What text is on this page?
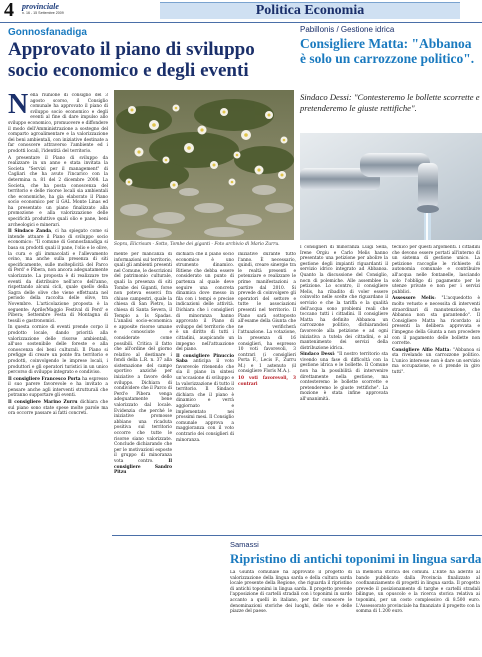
4 provinciale
n. 16 - 15 Settembre 2009	Politica Economia
Gonnosfanadiga
Approvato il piano di sviluppo socio economico e degli eventi
N ella riunione di consiglio del 3 agosto scorso, il Consiglio comunale ha approvato il piano di sviluppo socio economico e degli eventi al fine di dare impulso allo sviluppo economico, promuovere e diffondere il modo dell'Amministrazione a sostegno del comparto agroalimentare e la valorizzazione dei beni ambientali, con iniziative destinate a far conoscere attraverso l'ambiente ed i prodotti locali, l'identità del territorio.

A presentare il Piano di sviluppo da realizzare in un anno e stata invitata la Societa "Servizi per il management" di Cagliari che ha avuto l'incarico con la determina n. 81 del 2 dicembre 2008. La Societa, che ha posta conoscenza del territorio e delle risorse locali sia ambientali che economiche, ha gia elaborato il Piano socio economico per il GAL Monte Linas ed ha presentato un piano finalizzato alla promozione e alla valorizzazione delle specificità produttive quali olio e pane, beni archeologici e minerari.

Il Sindaco Zanda, ci ha spiegato come si intende attuare il Piano di sviluppo socio economico: "Il comune di Gonnosfanadiga si basa su prodotti quali il pane, l'olio e le olive, la cura e gli immacolati e l'allevamento ovino, ma anche sulla presenza di siti specificamente, sulle molteplicità del Parco di Perd' e Pibera, non ancora adeguatamente valorizzate. La proposta è di realizzare tre eventi da distribuire nell'arco dell'anno, rispettando alcuni cicli, quale quello della Sagra delle olive che viene effettuata nel periodo della raccolta delle olive, tra Novembre. L'articolazione proposta è la seguente: Aprile/Maggio Festival di Perd' e Pibera; Settembre Festa di Montagna di tessili e gastronomici.

In questa cornice di eventi prende corpo il prodotto locale, dando priorità alla valorizzazione delle risorse ambientali, all'uso sostenibile delle foreste e alla conoscenza dei beni culturali. Il Piano si prefigge di creare un ponte fra territorio e prodotti, coinvolgendo le imprese locali, i produttori e gli operatori turistici in un unico percorso di sviluppo integrato e condiviso.

Il consigliere Francesco Porta ha espresso il suo parere favorevole e ha invitato a pensare anche agli interventi strutturali che potranno supportare gli eventi.

Il consigliere Marino Zurru dichiara che sul piano sono state spese molte parole ma ora occorre passare ai fatti concreti.

Sopra, Elicrisum - Sotto, Tombe dei giganti - Foto archivio di Mario Zurru.
mente per mancanza di informazioni sul territorio, quali gli ambienti presenti nel Comune, le descrizioni del patrimonio culturale, quali la presenza di siti Tombe dei Giganti, forse non poteva esserci fra chiuse campestri, quale la chiesa di San Pietro, la chiesa di Santa Severa, il Tempio a Is Spadas. L'analisi socio-economica e apposite risorse umane e conosciute e considerate come possibili. Critica il fatto che all'ordine del giorno relativo al destinare i fondi della L.R. n. 37 alla sistemazione del campo sportivo anziché per iniziative a favore dello sviluppo. Dichiara di condividere che il Parco di Perd'e Pibera venga adeguatamente bene valorizzato dal locale. Evidenzia che perché le iniziative promosse abbiano una ricaduta positiva sul territorio occorre che tutte le risorse siano valorizzate. Conclude dichiarando che per le motivazioni esposte il gruppo di minoranza vota contro.	Il consigliere Sandro Pitzu
dichiara che il piano socio economico è uno strumento dinamico. Ritiene che debba essere considerato un punto di partenza al quale deve seguire una concreta dinamica dove messo in fila con i tempi e precise indicazioni delle attività. Dichiara che i consiglieri di minoranza hanno approvato il Piano di sviluppo del territorio che è un diritto di tutti i cittadini, auspicando un impegno nell'attuazione del piano.

Il consigliere Pinuccio Saba anticipa il voto favorevole ritenendo che sia il piano in sintesi un'occasione di sviluppo e la valorizzazione di tutto il territorio. Il Sindaco dichiara che il piano è dinamico e verrà aggiornato e implementato nei prossimi mesi. Il Consiglio comunale approva a maggioranza con il voto contrario dei consiglieri di minoranza.

iniziative durante tutto l'anno. È necessario, quindi, creare sinergie tra le realtà presenti e potenziare e realizzare le prime manifestazioni a partire dal 2010. Si prevede di coinvolgere gli operatori del settore e tutte le associazioni presenti nel territorio. Il Piano sarà sottoposto all'esame della Giunta che ne verificherà l'attuazione. La votazione, la presenza di 16 consiglieri, ha espresso 10 voti favorevoli, 3 contrari (i consiglieri Porta F., Lecis F., Zurru M.) e 1 astenuto (il consigliere Floris M.A.).

10 voti favorevoli, 3 contrari

Pabillonis / Gestione idrica
Consigliere Matta: "Abbanoa è solo un carrozzone politico".
Sindaco Dessi: "Contesteremo le bollette scorrette e pretenderemo le giuste rettifiche".
I consiglieri di minoranza Luigi Sella, Irene Orgiu e Carlo Melis hanno presentato una petizione per abolire la gestione degli impianti riguardanti il servizio idrico integrato ad Abbanoa. Quanto la discussione del Consiglio, nocn di polemiche. Alle assemblee la petizione. Lo scontro, il consigliere Melis, ha ribadito di voler essere coinvolto nelle scelte che riguardano il servizio e che la tariffa e la qualità dell'acqua sono problemi reali che toccano tutti i cittadini. Il consigliere Matta ha definito Abbanoa un carrozzone politico, dichiarandosi favorevole alla petizione e ad ogni iniziativa a tutela dei cittadini, e al mantenimento dei servizi della distribuzione idrica.

Sindaco Dessi: "Il nostro territorio sta vivendo una fase di difficoltà con la gestione idrica e le bollette. Il Comune non ha la possibilità di intervenire direttamente nella gestione, ma contesteremo le bollette scorrette e pretenderemo le giuste rettifiche". La mozione è stata infine approvata all'unanimità.

tecnico per questi argomenti. I cittadini che devono essere portati all'interno di un sistema di gestione unico. La petizione raccoglie le richieste di autonomia comunale e contribuire all'acqua nelle fontanelle, lasciando solo l'obbligo di pagamento per le utenze private e non per i servizi pubblici.

Assessore Melis: "L'acquedotto è molto vetusto e necessita di interventi straordinari di manutenzione, che Abbanoa non sta garantendo". Il Consigliere Matta ha ricordato ai presenti la delibera approvata e l'impegno della Giunta a non procedere con il pagamento delle bollette non corrette.

Consigliere Alfio Matta: "Abbanoa si sta rivelando un carrozzone politico. L'unico interesse non è dare un servizio ma occupazione, e ci prende in giro tutti".

Samassi
Ripristino di antichi toponimi in lingua sarda
La Giunta comunale ha approvato il progetto di valorizzazione della lingua sarda e della cultura sarda locale presente della Regione, che riguarda il ripristino di antichi toponimi in lingua sarda. Il progetto prevede l'apposizione di cartelli stradali con i toponimi in sardo accanto a quelli in italiano, per far conoscere le denominazioni storiche dei luoghi, delle vie e delle piazze del paese.
la memoria storica dei comuni. L'Ente ha aderito al bando pubblicato dalla Provincia finalizzato al coofinanziamento di progetti in lingua sarda. Il progetto prevede il posizionamento di targhe e cartelli stradali bilingue, un opuscolo e la ricerca storica relativa ai toponimi, per un costo complessivo di 8.500 euro. L'Assessorato provinciale ha finanziato il progetto con la somma di 1.200 euro.
